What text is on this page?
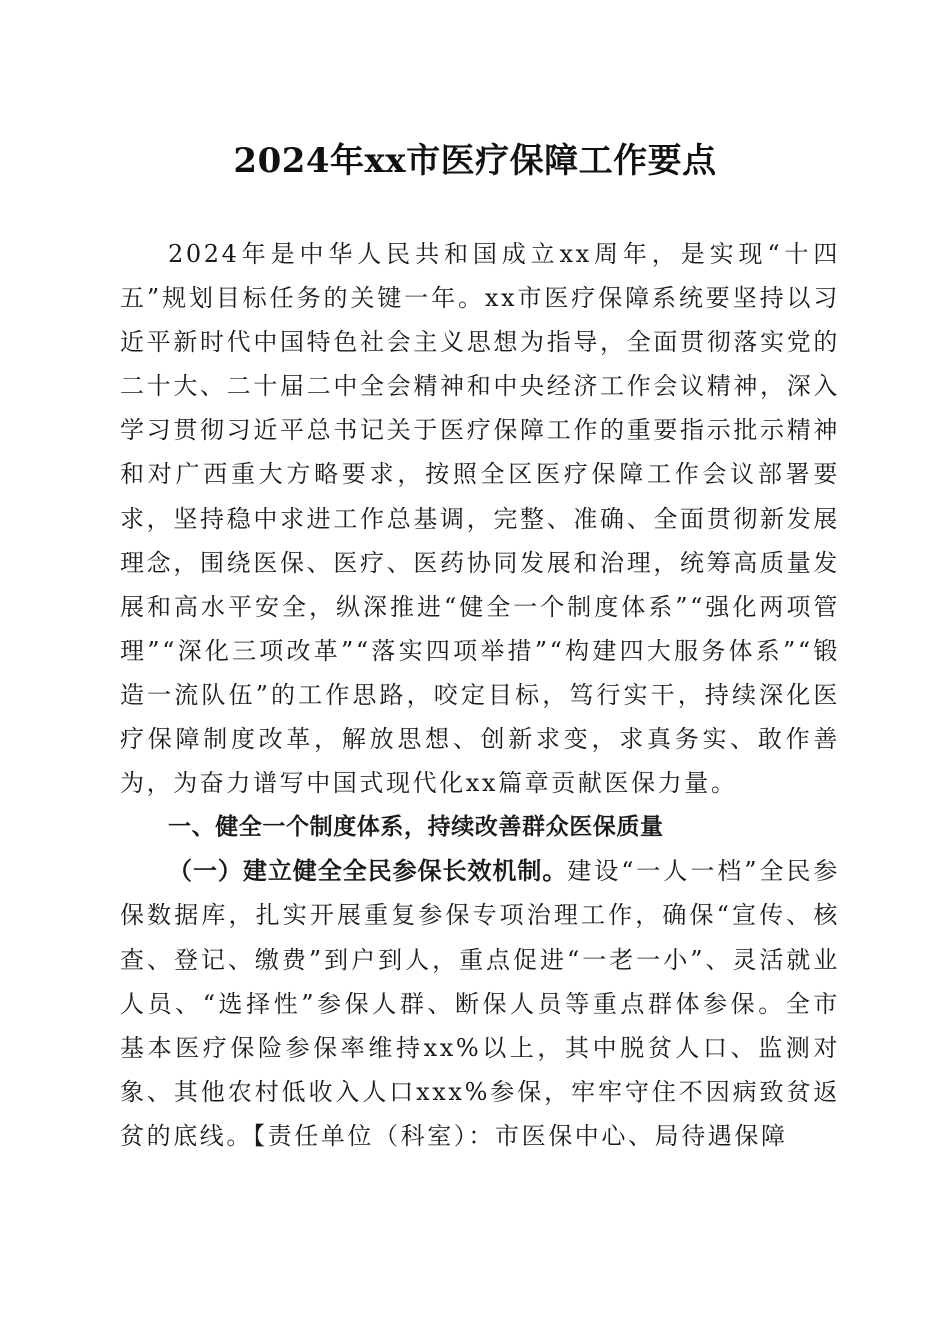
2024年xx市医疗保障工作要点

2024年是中华人民共和国成立xx周年，是实现“十四五”规划目标任务的关键一年。xx市医疗保障系统要坚持以习近平新时代中国特色社会主义思想为指导，全面贯彻落实党的二十大、二十届二中全会精神和中央经济工作会议精神，深入学习贯彻习近平总书记关于医疗保障工作的重要指示批示精神和对广西重大方略要求，按照全区医疗保障工作会议部署要求，坚持稳中求进工作总基调，完整、准确、全面贯彻新发展理念，围绕医保、医疗、医药协同发展和治理，统筹高质量发展和高水平安全，纵深推进“健全一个制度体系”“强化两项管理”“深化三项改革”“落实四项举措”“构建四大服务体系”“锻造一流队伍”的工作思路，咬定目标，笃行实干，持续深化医疗保障制度改革，解放思想、创新求变，求真务实、敢作善为，为奋力谱写中国式现代化xx篇章贡献医保力量。

一、健全一个制度体系，持续改善群众医保质量

（一）建立健全全民参保长效机制。建设“一人一档”全民参保数据库，扎实开展重复参保专项治理工作，确保“宣传、核查、登记、缴费”到户到人，重点促进“一老一小”、灵活就业人员、“选择性”参保人群、断保人员等重点群体参保。全市基本医疗保险参保率维持xx%以上，其中脱贫人口、监测对象、其他农村低收入人口xxx%参保，牢牢守住不因病致贫返贫的底线。【责任单位（科室）：市医保中心、局待遇保障
